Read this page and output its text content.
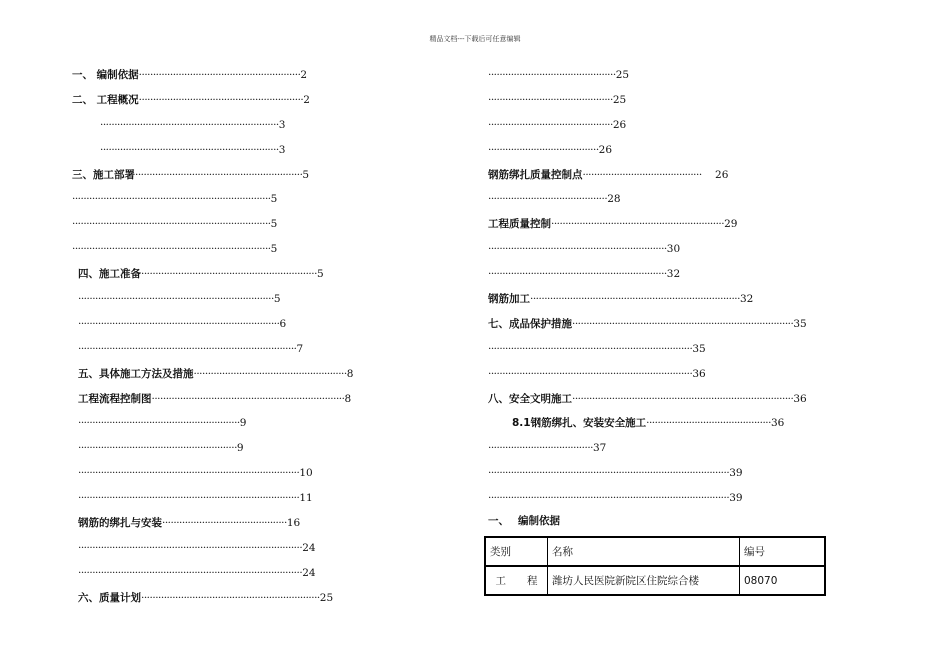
精品文档---下载后可任意编辑
一、 编制依据·························································2
二、 工程概况··························································2
·······························································3
·······························································3
三、施工部署···························································5
······································································5
······································································5
······································································5
四、施工准备······························································5
·····································································5
·······································································6
·············································································7
五、具体施工方法及措施······················································8
工程流程控制图····································································8
·························································9
························································9
··············································································10
··············································································11
钢筋的绑扎与安装············································16
···············································································24
···············································································24
六、质量计划·······························································25
·············································25
············································25
············································26
·······································26
钢筋绑扎质量控制点··········································    26
··········································28
工程质量控制·····························································29
·······························································30
·······························································32
钢筋加工··········································································32
七、成品保护措施··············································································35
········································································35
········································································36
八、安全文明施工··············································································36
8.1钢筋绑扎、安装安全施工············································36
·····································37
·····················································································39
·····················································································39
一、 编制依据
类别	名称	编号
工　　程	潍坊人民医院新院区住院综合楼	08070
